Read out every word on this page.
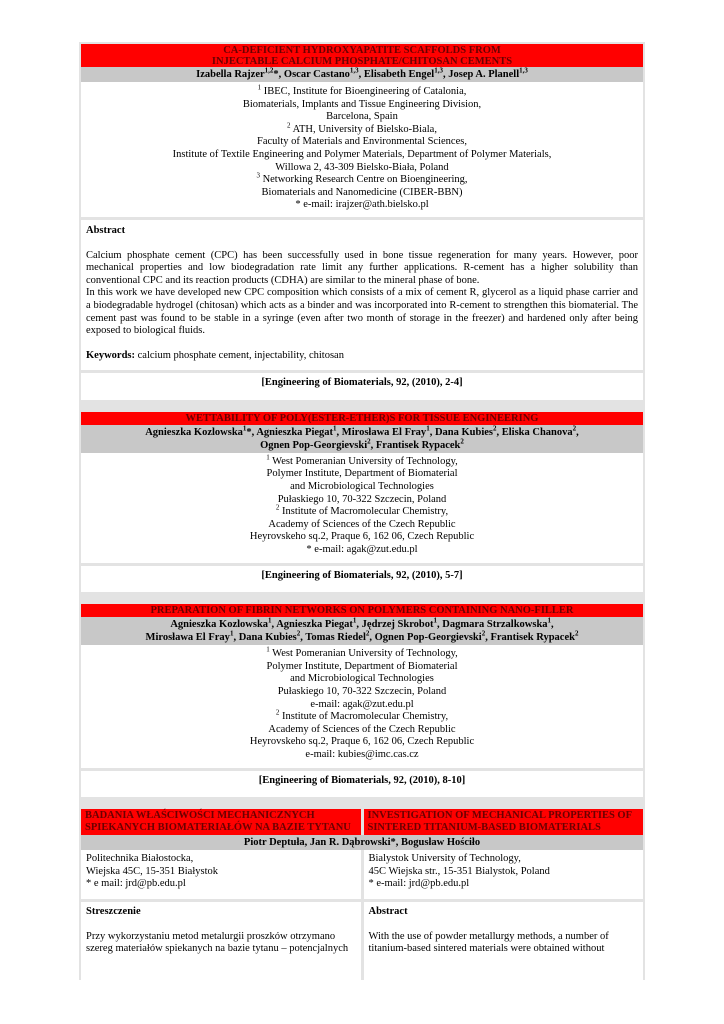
CA-DEFICIENT HYDROXYAPATITE SCAFFOLDS FROM
INJECTABLE CALCIUM PHOSPHATE/CHITOSAN CEMENTS
Izabella Rajzer$^{1,2}$*, Oscar Castano$^{1,3}$, Elisabeth Engel$^{1,3}$, Josep A. Planell$^{1,3}$
$^1$ IBEC, Institute for Bioengineering of Catalonia,
Biomaterials, Implants and Tissue Engineering Division,
Barcelona, Spain
$^2$ ATH, University of Bielsko-Biala,
Faculty of Materials and Environmental Sciences,
Institute of Textile Engineering and Polymer Materials, Department of Polymer Materials,
Willowa 2, 43-309 Bielsko-Biała, Poland
$^3$ Networking Research Centre on Bioengineering,
Biomaterials and Nanomedicine (CIBER-BBN)
* e-mail: irajzer@ath.bielsko.pl

Abstract

Calcium phosphate cement (CPC) has been successfully used in bone tissue regeneration for many years. However, poor mechanical properties and low biodegradation rate limit any further applications. R-cement has a higher solubility than conventional CPC and its reaction products (CDHA) are similar to the mineral phase of bone.

In this work we have developed new CPC composition which consists of a mix of cement R, glycerol as a liquid phase carrier and a biodegradable hydrogel (chitosan) which acts as a binder and was incorporated into R-cement to strengthen this biomaterial. The cement past was found to be stable in a syringe (even after two month of storage in the freezer) and hardened only after being exposed to biological fluids.

Keywords: calcium phosphate cement, injectability, chitosan

[Engineering of Biomaterials, 92, (2010), 2-4]
WETTABILITY OF POLY(ESTER-ETHER)S FOR TISSUE ENGINEERING
Agnieszka Kozlowska$^1$*, Agnieszka Piegat$^1$, Mirosława El Fray$^1$, Dana Kubies$^2$, Eliska Chanova$^2$,
Ognen Pop-Georgievski$^2$, Frantisek Rypacek$^2$
$^1$ West Pomeranian University of Technology,
Polymer Institute, Department of Biomaterial
and Microbiological Technologies
Pułaskiego 10, 70-322 Szczecin, Poland
$^2$ Institute of Macromolecular Chemistry,
Academy of Sciences of the Czech Republic
Heyrovskeho sq.2, Praque 6, 162 06, Czech Republic
* e-mail: agak@zut.edu.pl
[Engineering of Biomaterials, 92, (2010), 5-7]
PREPARATION OF FIBRIN NETWORKS ON POLYMERS CONTAINING NANO-FILLER
Agnieszka Kozlowska$^1$, Agnieszka Piegat$^1$, Jędrzej Skrobot$^1$, Dagmara Strzalkowska$^1$,
Mirosława El Fray$^1$, Dana Kubies$^2$, Tomas Riedel$^2$, Ognen Pop-Georgievski$^2$, Frantisek Rypacek$^2$
$^1$ West Pomeranian University of Technology,
Polymer Institute, Department of Biomaterial
and Microbiological Technologies
Pułaskiego 10, 70-322 Szczecin, Poland
e-mail: agak@zut.edu.pl
$^2$ Institute of Macromolecular Chemistry,
Academy of Sciences of the Czech Republic
Heyrovskeho sq.2, Praque 6, 162 06, Czech Republic
e-mail: kubies@imc.cas.cz
[Engineering of Biomaterials, 92, (2010), 8-10]
BADANIA WŁAŚCIWOŚCI MECHANICZNYCH SPIEKANYCH BIOMATERIAŁÓW NA BAZIE TYTANU
INVESTIGATION OF MECHANICAL PROPERTIES OF SINTERED TITANIUM-BASED BIOMATERIALS
Piotr Deptuła, Jan R. Dąbrowski*, Bogusław Hościło
Politechnika Białostocka,
Wiejska 45C, 15-351 Białystok
* e mail: jrd@pb.edu.pl
Bialystok University of Technology,
45C Wiejska str., 15-351 Bialystok, Poland
* e-mail: jrd@pb.edu.pl

Streszczenie

Przy wykorzystaniu metod metalurgii proszków otrzymano szereg materiałów spiekanych na bazie tytanu – potencjalnych

Abstract

With the use of powder metallurgy methods, a number of titanium-based sintered materials were obtained without
